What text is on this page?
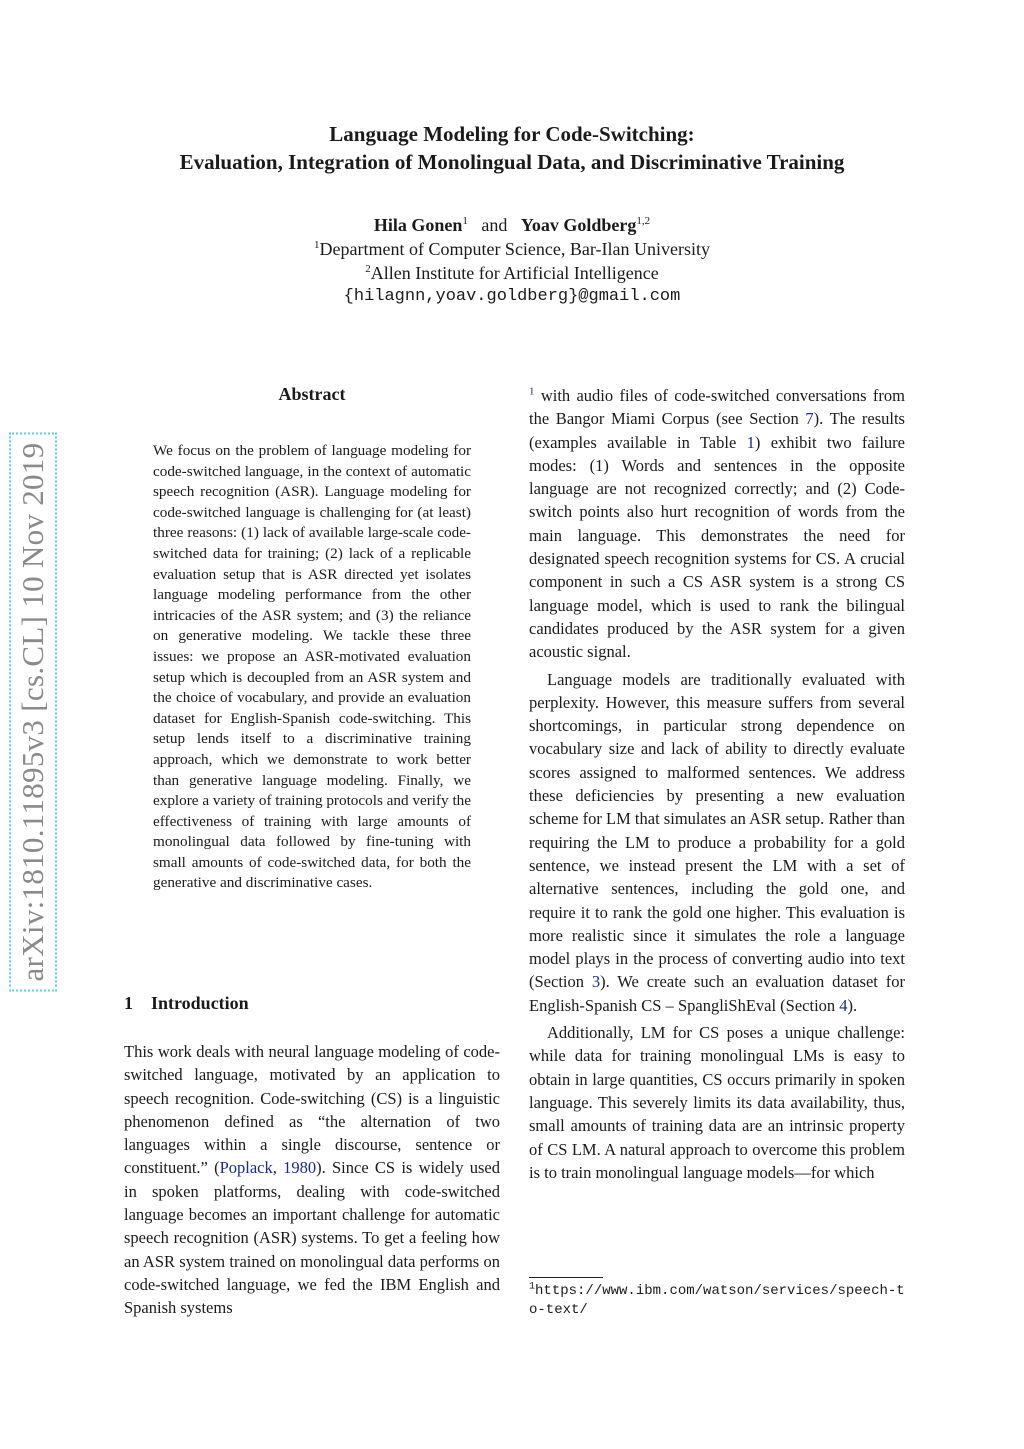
Language Modeling for Code-Switching:
Evaluation, Integration of Monolingual Data, and Discriminative Training
Hila Gonen$^1$ and Yoav Goldberg$^{1,2}$
$^1$Department of Computer Science, Bar-Ilan University
$^2$Allen Institute for Artificial Intelligence
{hilagnn,yoav.goldberg}@gmail.com
arXiv:1810.11895v3 [cs.CL] 10 Nov 2019
Abstract
We focus on the problem of language modeling for code-switched language, in the context of automatic speech recognition (ASR). Language modeling for code-switched language is challenging for (at least) three reasons: (1) lack of available large-scale code-switched data for training; (2) lack of a replicable evaluation setup that is ASR directed yet isolates language modeling performance from the other intricacies of the ASR system; and (3) the reliance on generative modeling. We tackle these three issues: we propose an ASR-motivated evaluation setup which is decoupled from an ASR system and the choice of vocabulary, and provide an evaluation dataset for English-Spanish code-switching. This setup lends itself to a discriminative training approach, which we demonstrate to work better than generative language modeling. Finally, we explore a variety of training protocols and verify the effectiveness of training with large amounts of monolingual data followed by fine-tuning with small amounts of code-switched data, for both the generative and discriminative cases.
1 Introduction

This work deals with neural language modeling of code-switched language, motivated by an application to speech recognition. Code-switching (CS) is a linguistic phenomenon defined as “the alternation of two languages within a single discourse, sentence or constituent.” (Poplack, 1980). Since CS is widely used in spoken platforms, dealing with code-switched language becomes an important challenge for automatic speech recognition (ASR) systems. To get a feeling how an ASR system trained on monolingual data performs on code-switched language, we fed the IBM English and Spanish systems

$^1$ with audio files of code-switched conversations from the Bangor Miami Corpus (see Section 7). The results (examples available in Table 1) exhibit two failure modes: (1) Words and sentences in the opposite language are not recognized correctly; and (2) Code-switch points also hurt recognition of words from the main language. This demonstrates the need for designated speech recognition systems for CS. A crucial component in such a CS ASR system is a strong CS language model, which is used to rank the bilingual candidates produced by the ASR system for a given acoustic signal.

Language models are traditionally evaluated with perplexity. However, this measure suffers from several shortcomings, in particular strong dependence on vocabulary size and lack of ability to directly evaluate scores assigned to malformed sentences. We address these deficiencies by presenting a new evaluation scheme for LM that simulates an ASR setup. Rather than requiring the LM to produce a probability for a gold sentence, we instead present the LM with a set of alternative sentences, including the gold one, and require it to rank the gold one higher. This evaluation is more realistic since it simulates the role a language model plays in the process of converting audio into text (Section 3). We create such an evaluation dataset for English-Spanish CS – SpangliShEval (Section 4).

Additionally, LM for CS poses a unique challenge: while data for training monolingual LMs is easy to obtain in large quantities, CS occurs primarily in spoken language. This severely limits its data availability, thus, small amounts of training data are an intrinsic property of CS LM. A natural approach to overcome this problem is to train monolingual language models—for which

$^1$https://www.ibm.com/watson/services/speech-to-text/
